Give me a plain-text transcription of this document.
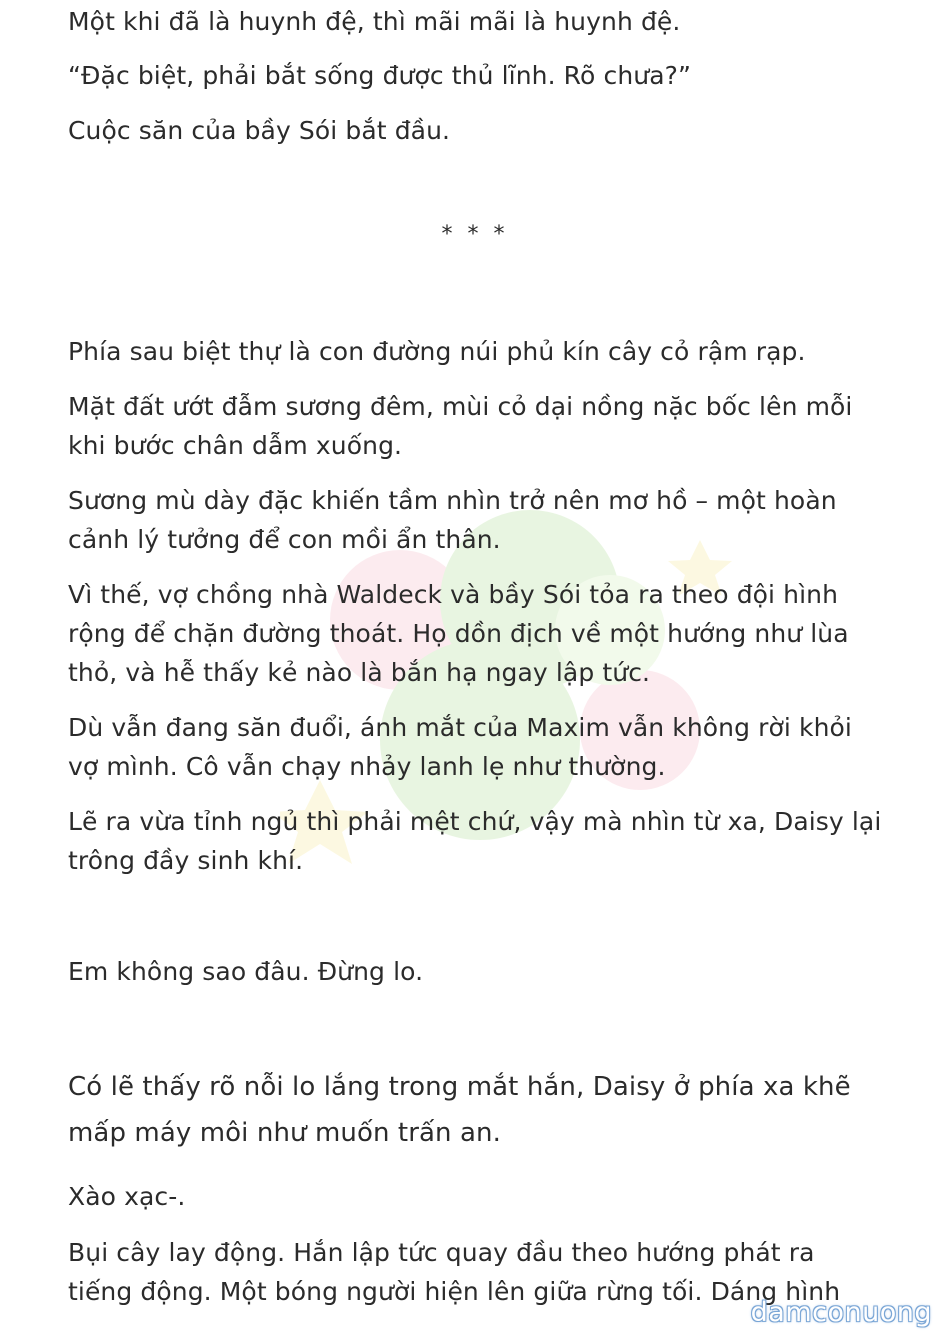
Một khi đã là huynh đệ, thì mãi mãi là huynh đệ.

“Đặc biệt, phải bắt sống được thủ lĩnh. Rõ chưa?”

Cuộc săn của bầy Sói bắt đầu.

* * *

Phía sau biệt thự là con đường núi phủ kín cây cỏ rậm rạp.

Mặt đất ướt đẫm sương đêm, mùi cỏ dại nồng nặc bốc lên mỗi
khi bước chân dẫm xuống.

Sương mù dày đặc khiến tầm nhìn trở nên mơ hồ – một hoàn
cảnh lý tưởng để con mồi ẩn thân.

Vì thế, vợ chồng nhà Waldeck và bầy Sói tỏa ra theo đội hình
rộng để chặn đường thoát. Họ dồn địch về một hướng như lùa
thỏ, và hễ thấy kẻ nào là bắn hạ ngay lập tức.

Dù vẫn đang săn đuổi, ánh mắt của Maxim vẫn không rời khỏi
vợ mình. Cô vẫn chạy nhảy lanh lẹ như thường.

Lẽ ra vừa tỉnh ngủ thì phải mệt chứ, vậy mà nhìn từ xa, Daisy lại
trông đầy sinh khí.

Em không sao đâu. Đừng lo.

Có lẽ thấy rõ nỗi lo lắng trong mắt hắn, Daisy ở phía xa khẽ
mấp máy môi như muốn trấn an.

Xào xạc-.

Bụi cây lay động. Hắn lập tức quay đầu theo hướng phát ra
tiếng động. Một bóng người hiện lên giữa rừng tối. Dáng hình

damconuong
